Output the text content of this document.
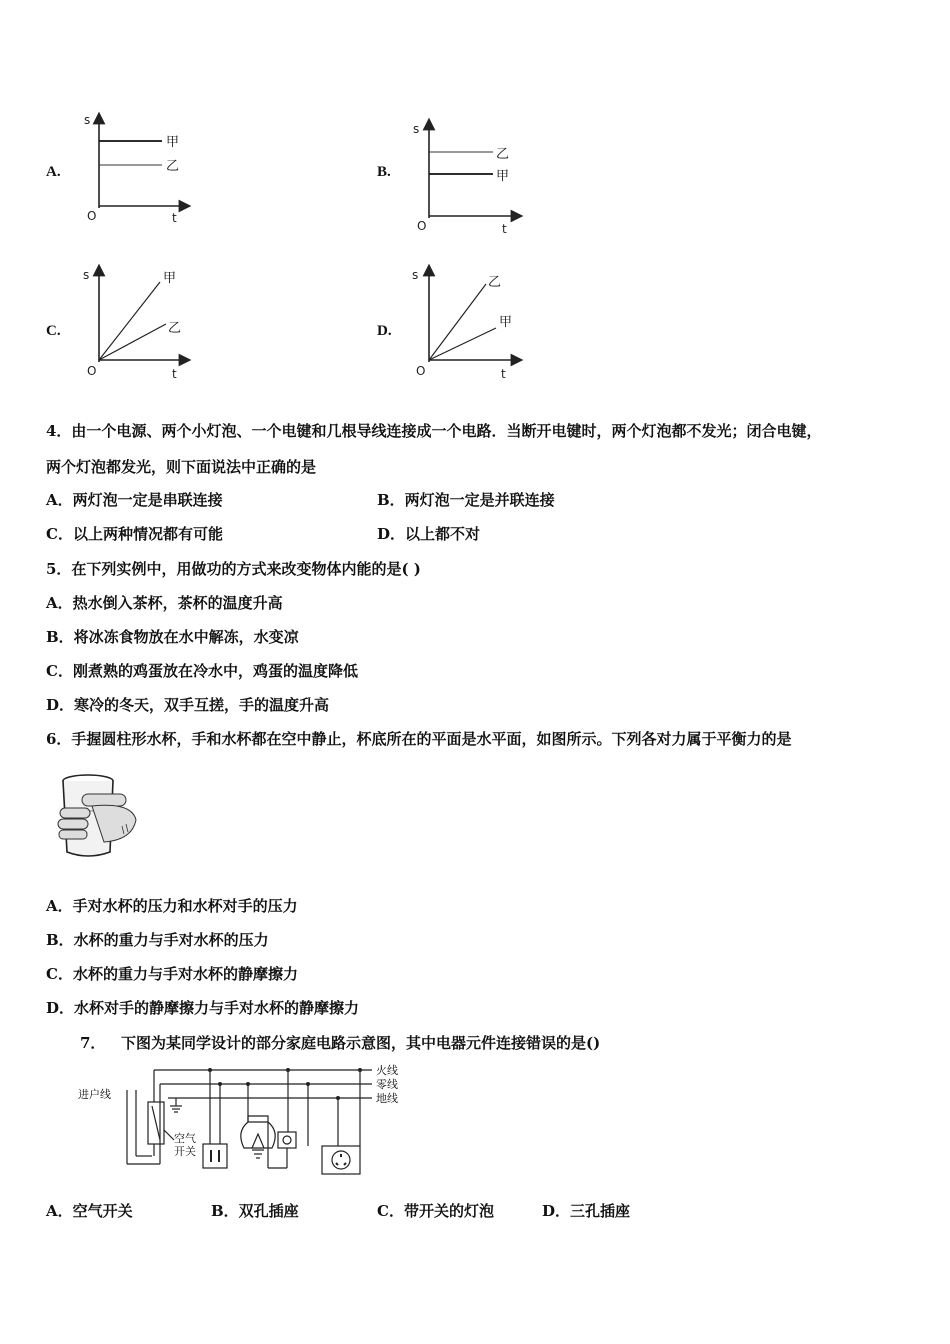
A.
s
t
O
甲
乙	B.
s
t
O
乙
甲
C.
s
t
O
甲
乙	D.
s
t
O
乙
甲
4．由一个电源、两个小灯泡、一个电键和几根导线连接成一个电路．当断开电键时，两个灯泡都不发光；闭合电键，
两个灯泡都发光，则下面说法中正确的是
A．两灯泡一定是串联连接	B．两灯泡一定是并联连接
C．以上两种情况都有可能	D．以上都不对
5．在下列实例中，用做功的方式来改变物体内能的是( )
A．热水倒入茶杯，茶杯的温度升高
B．将冰冻食物放在水中解冻，水变凉
C．刚煮熟的鸡蛋放在冷水中，鸡蛋的温度降低
D．寒冷的冬天，双手互搓，手的温度升高
6．手握圆柱形水杯，手和水杯都在空中静止，杯底所在的平面是水平面，如图所示。下列各对力属于平衡力的是
A．手对水杯的压力和水杯对手的压力
B．水杯的重力与手对水杯的压力
C．水杯的重力与手对水杯的静摩擦力
D．水杯对手的静摩擦力与手对水杯的静摩擦力
7． 下图为某同学设计的部分家庭电路示意图，其中电器元件连接错误的是()
火线
零线
地线
进户线
空气
开关
A．空气开关	B．双孔插座	C．带开关的灯泡	D．三孔插座
